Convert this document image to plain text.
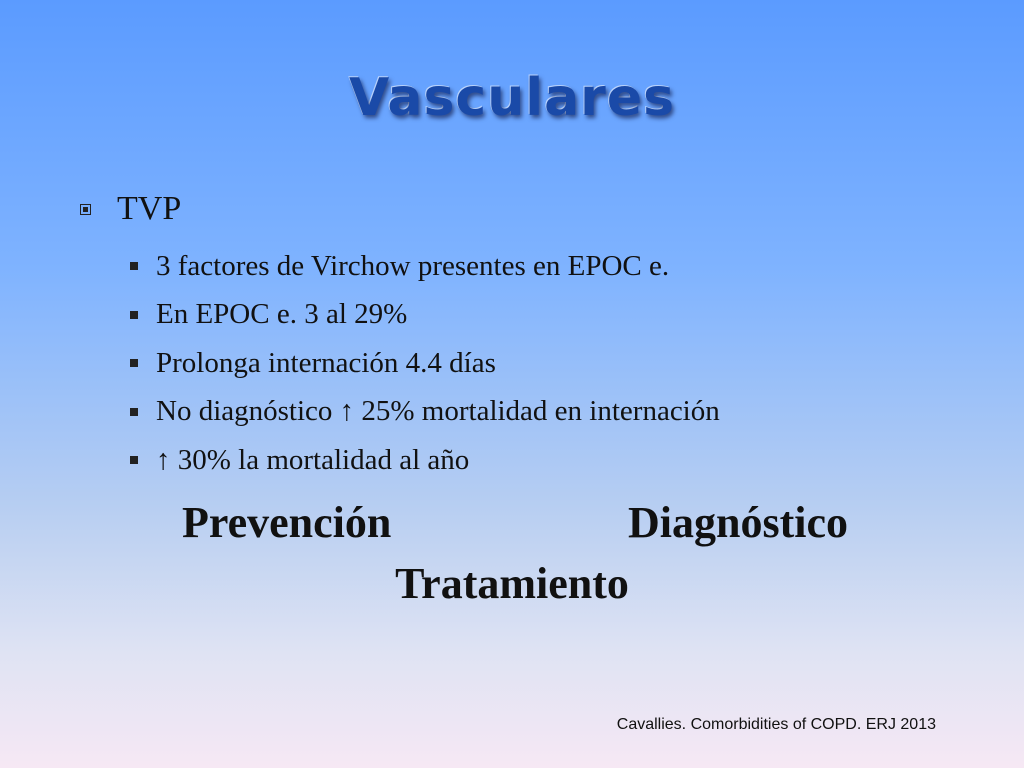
Vasculares
TVP
3 factores de Virchow presentes en EPOC e.
En EPOC e. 3 al 29%
Prolonga internación 4.4 días
No diagnóstico ↑ 25% mortalidad en internación
↑ 30% la mortalidad al año
Prevención	Diagnóstico
Tratamiento
Cavallies. Comorbidities of COPD. ERJ 2013
